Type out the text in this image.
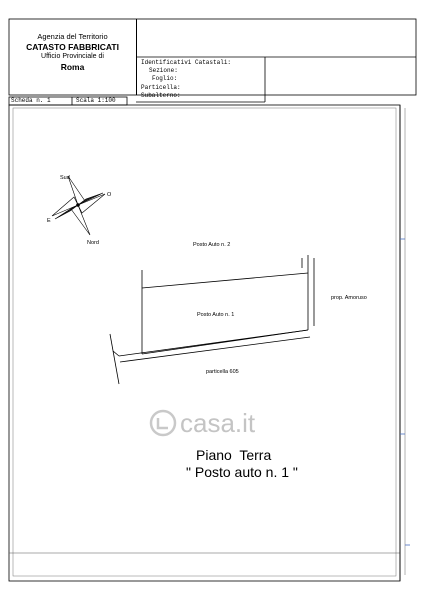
Agenzia del Territorio
CATASTO FABBRICATI
Ufficio Provinciale di
Roma	Identificativi Catastali:
Sezione:
Foglio:
Particella:
Subalterno:
Scheda n. 1	Scala 1:100
Sud
O
E
Nord	Posto Auto n. 2
Posto Auto n. 1
prop. Amoruso
particella 605
casa.it
Piano  Terra
" Posto auto n. 1 "
